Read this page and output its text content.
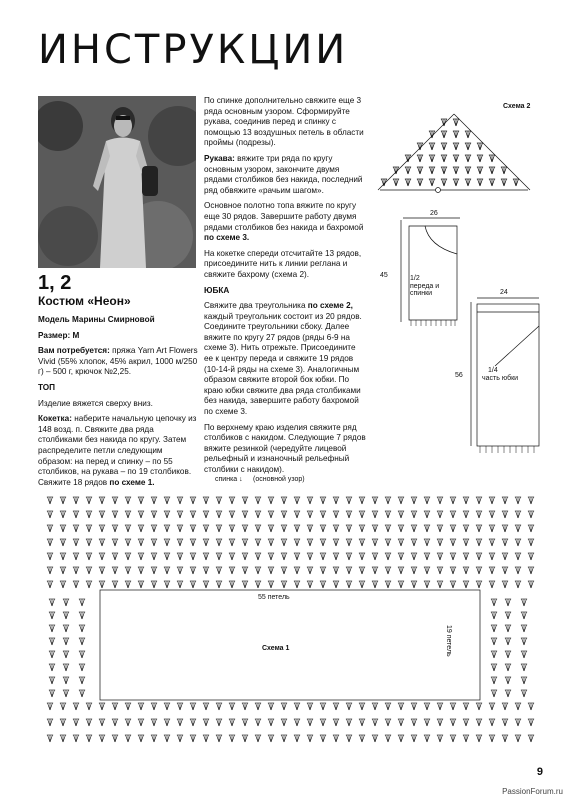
ИНСТРУКЦИИ
1, 2
Костюм «Неон»

Модель Марины Смирновой

Размер: М

Вам потребуется: пряжа Yarn Art Flowers Vivid (55% хлопок, 45% акрил, 1000 м/250 г) – 500 г, крючок №2,25.

ТОП

Изделие вяжется сверху вниз.

Кокетка: наберите начальную цепочку из 148 возд. п. Свяжите два ряда столбиками без накида по кругу. Затем распределите петли следующим образом: на перед и спинку – по 55 столбиков, на рукава – по 19 столбиков. Свяжите 18 рядов по схеме 1.

По спинке дополнительно свяжите еще 3 ряда основным узором. Сформируйте рукава, соединив перед и спинку с помощью 13 воздушных петель в области проймы (подрезы).

Рукава: вяжите три ряда по кругу основным узором, закончите двумя рядами столбиков без накида, последний ряд обвяжите «рачьим шагом».

Основное полотно топа вяжите по кругу еще 30 рядов. Завершите работу двумя рядами столбиков без накида и бахромой по схеме 3.

На кокетке спереди отсчитайте 13 рядов, присоедините нить к линии реглана и свяжите бахрому (схема 2).

ЮБКА

Свяжите два треугольника по схеме 2, каждый треугольник состоит из 20 рядов. Соедините треугольники сбоку. Далее вяжите по кругу 27 рядов (ряды 6-9 на схеме 3). Нить отрежьте. Присоедините ее к центру переда и свяжите 19 рядов (10-14-й ряды на схеме 3). Аналогичным образом свяжите второй бок юбки. По краю юбки свяжите два ряда столбиками без накида, завершите работу бахромой по схеме 3.

По верхнему краю изделия свяжите ряд столбиков с накидом. Следующие 7 рядов вяжите резинкой (чередуйте лицевой рельефный и изнаночный рельефный столбики с накидом).

Схема 2
26
45	1/2
переда и спинки	24
56
1/4
часть юбки
спинка ↓ (основной узор)
55 петель
19 петель
Схема 1
9
PassionForum.ru
